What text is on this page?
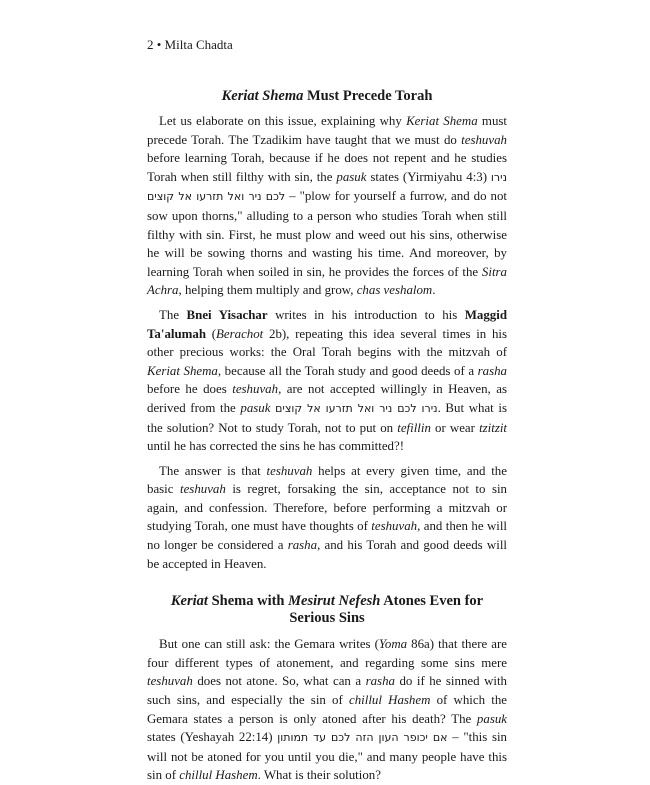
2 • Milta Chadta
Keriat Shema Must Precede Torah

Let us elaborate on this issue, explaining why Keriat Shema must precede Torah. The Tzadikim have taught that we must do teshuvah before learning Torah, because if he does not repent and he studies Torah when still filthy with sin, the pasuk states (Yirmiyahu 4:3) נירו לכם ניר ואל תזרעו אל קוצים – "plow for yourself a furrow, and do not sow upon thorns," alluding to a person who studies Torah when still filthy with sin. First, he must plow and weed out his sins, otherwise he will be sowing thorns and wasting his time. And moreover, by learning Torah when soiled in sin, he provides the forces of the Sitra Achra, helping them multiply and grow, chas veshalom.

The Bnei Yisachar writes in his introduction to his Maggid Ta'alumah (Berachot 2b), repeating this idea several times in his other precious works: the Oral Torah begins with the mitzvah of Keriat Shema, because all the Torah study and good deeds of a rasha before he does teshuvah, are not accepted willingly in Heaven, as derived from the pasuk נירו לכם ניר ואל תזרעו אל קוצים. But what is the solution? Not to study Torah, not to put on tefillin or wear tzitzit until he has corrected the sins he has committed?!

The answer is that teshuvah helps at every given time, and the basic teshuvah is regret, forsaking the sin, acceptance not to sin again, and confession. Therefore, before performing a mitzvah or studying Torah, one must have thoughts of teshuvah, and then he will no longer be considered a rasha, and his Torah and good deeds will be accepted in Heaven.

Keriat Shema with Mesirut Nefesh Atones Even for Serious Sins

But one can still ask: the Gemara writes (Yoma 86a) that there are four different types of atonement, and regarding some sins mere teshuvah does not atone. So, what can a rasha do if he sinned with such sins, and especially the sin of chillul Hashem of which the Gemara states a person is only atoned after his death? The pasuk states (Yeshayah 22:14) אם יכופר העון הזה לכם עד תמותון – "this sin will not be atoned for you until you die," and many people have this sin of chillul Hashem. What is their solution?
